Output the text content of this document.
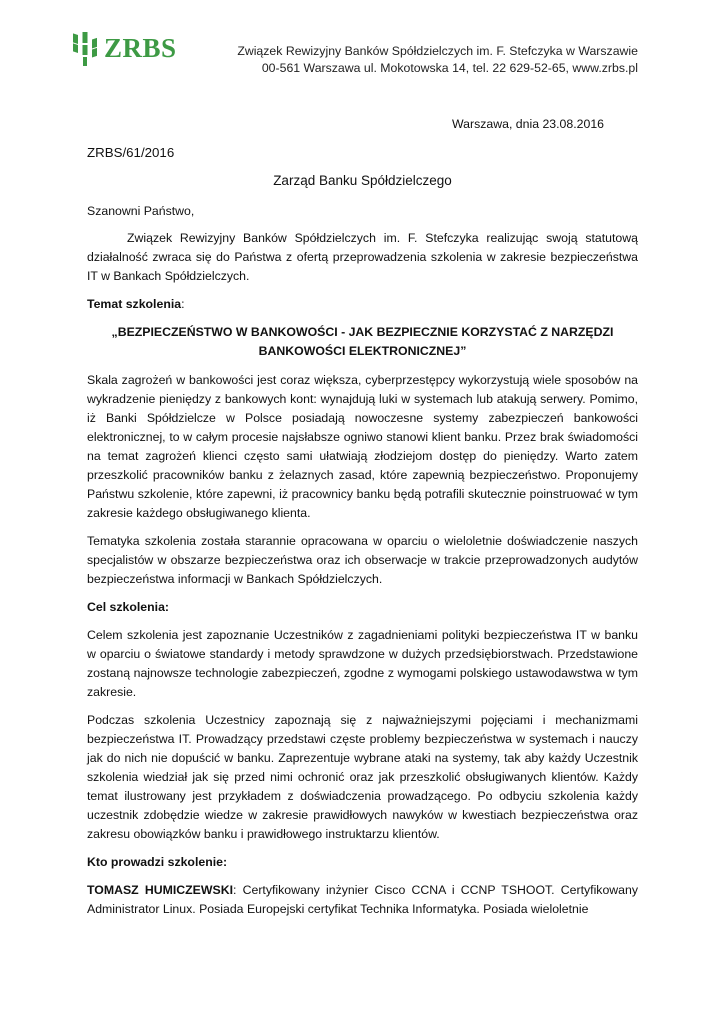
ZRBS	Związek Rewizyjny Banków Spółdzielczych im. F. Stefczyka w Warszawie
00-561 Warszawa ul. Mokotowska 14, tel. 22 629-52-65, www.zrbs.pl
Warszawa, dnia 23.08.2016
ZRBS/61/2016
Zarząd Banku Spółdzielczego
Szanowni Państwo,

Związek Rewizyjny Banków Spółdzielczych im. F. Stefczyka realizując swoją statutową działalność zwraca się do Państwa z ofertą przeprowadzenia szkolenia w zakresie bezpieczeństwa IT w Bankach Spółdzielczych.

Temat szkolenia:

„BEZPIECZEŃSTWO W BANKOWOŚCI - JAK BEZPIECZNIE KORZYSTAĆ Z NARZĘDZI
BANKOWOŚCI ELEKTRONICZNEJ”

Skala zagrożeń w bankowości jest coraz większa, cyberprzestępcy wykorzystują wiele sposobów na wykradzenie pieniędzy z bankowych kont: wynajdują luki w systemach lub atakują serwery. Pomimo, iż Banki Spółdzielcze w Polsce posiadają nowoczesne systemy zabezpieczeń bankowości elektronicznej, to w całym procesie najsłabsze ogniwo stanowi klient banku. Przez brak świadomości na temat zagrożeń klienci często sami ułatwiają złodziejom dostęp do pieniędzy. Warto zatem przeszkolić pracowników banku z żelaznych zasad, które zapewnią bezpieczeństwo. Proponujemy Państwu szkolenie, które zapewni, iż pracownicy banku będą potrafili skutecznie poinstruować w tym zakresie każdego obsługiwanego klienta.

Tematyka szkolenia została starannie opracowana w oparciu o wieloletnie doświadczenie naszych specjalistów w obszarze bezpieczeństwa oraz ich obserwacje w trakcie przeprowadzonych audytów bezpieczeństwa informacji w Bankach Spółdzielczych.

Cel szkolenia:

Celem szkolenia jest zapoznanie Uczestników z zagadnieniami polityki bezpieczeństwa IT w banku w oparciu o światowe standardy i metody sprawdzone w dużych przedsiębiorstwach. Przedstawione zostaną najnowsze technologie zabezpieczeń, zgodne z wymogami polskiego ustawodawstwa w tym zakresie.

Podczas szkolenia Uczestnicy zapoznają się z najważniejszymi pojęciami i mechanizmami bezpieczeństwa IT. Prowadzący przedstawi częste problemy bezpieczeństwa w systemach i nauczy jak do nich nie dopuścić w banku. Zaprezentuje wybrane ataki na systemy, tak aby każdy Uczestnik szkolenia wiedział jak się przed nimi ochronić oraz jak przeszkolić obsługiwanych klientów. Każdy temat ilustrowany jest przykładem z doświadczenia prowadzącego. Po odbyciu szkolenia każdy uczestnik zdobędzie wiedze w zakresie prawidłowych nawyków w kwestiach bezpieczeństwa oraz zakresu obowiązków banku i prawidłowego instruktarzu klientów.

Kto prowadzi szkolenie:

TOMASZ HUMICZEWSKI: Certyfikowany inżynier Cisco CCNA i CCNP TSHOOT. Certyfikowany Administrator Linux. Posiada Europejski certyfikat Technika Informatyka. Posiada wieloletnie
